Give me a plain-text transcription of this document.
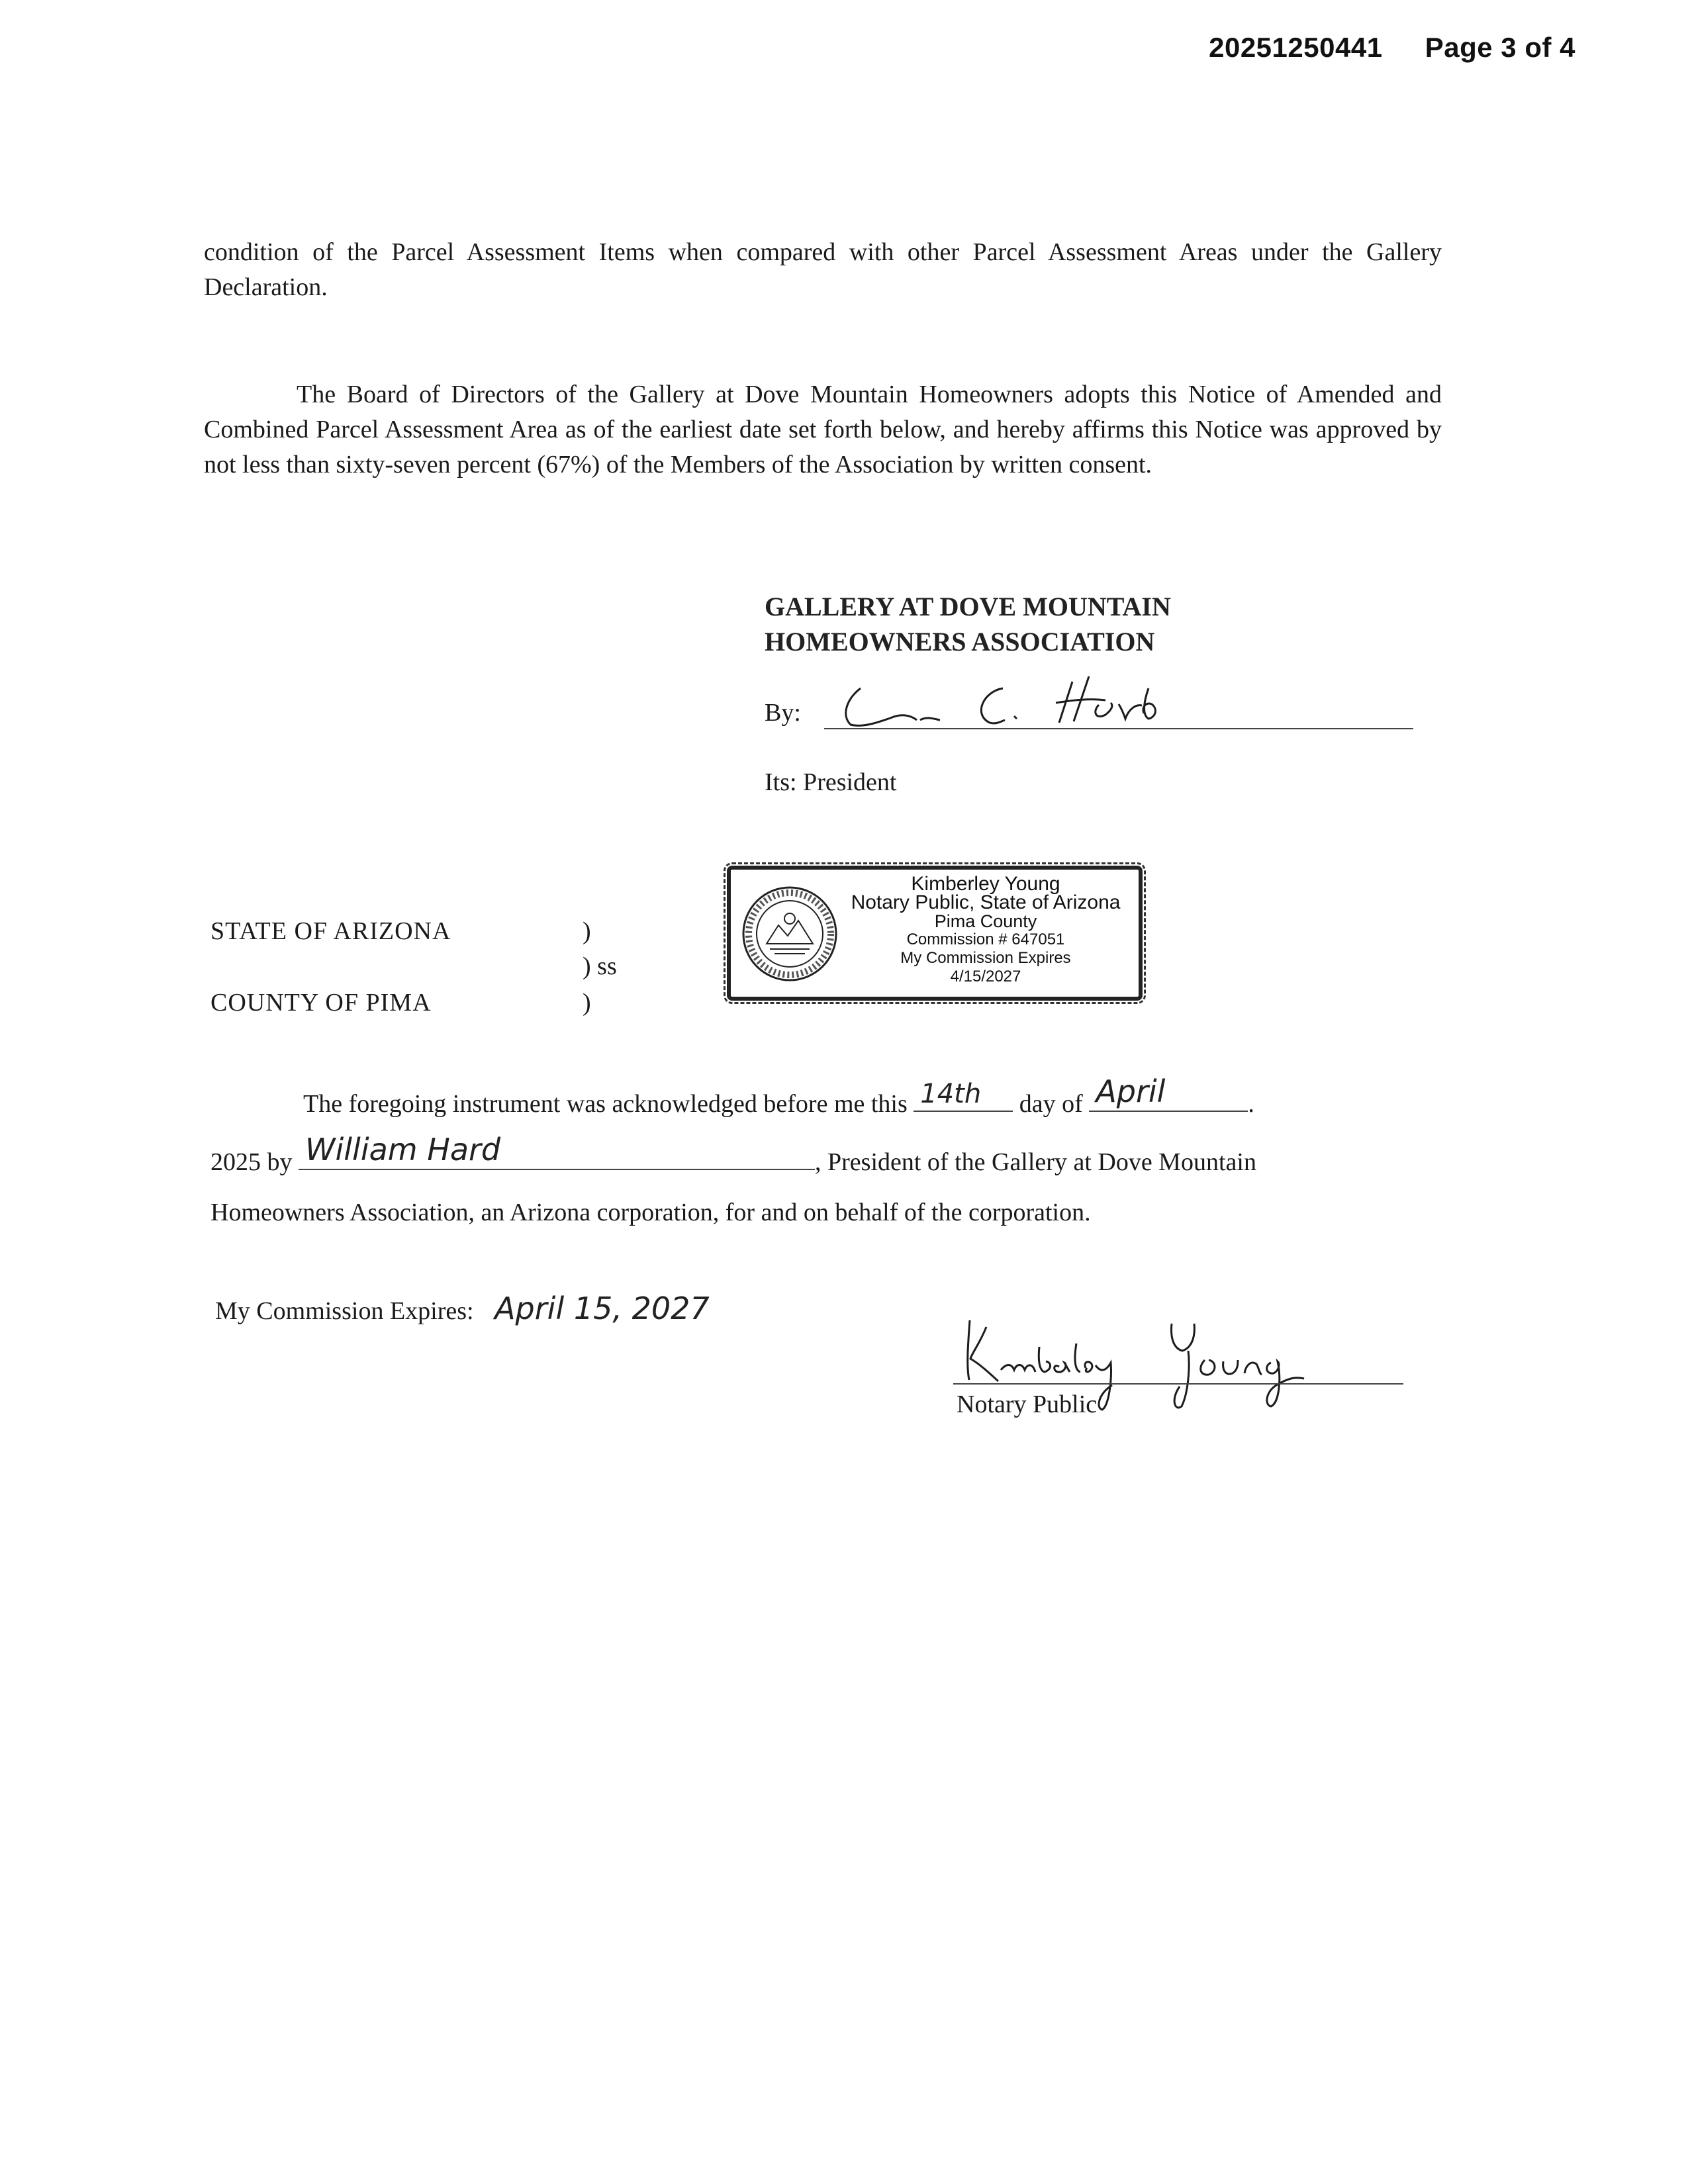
20251250441 Page 3 of 4
condition of the Parcel Assessment Items when compared with other Parcel Assessment Areas under the Gallery Declaration.
The Board of Directors of the Gallery at Dove Mountain Homeowners adopts this Notice of Amended and Combined Parcel Assessment Area as of the earliest date set forth below, and hereby affirms this Notice was approved by not less than sixty-seven percent (67%) of the Members of the Association by written consent.
GALLERY AT DOVE MOUNTAIN
HOMEOWNERS ASSOCIATION
By:
Its: President
STATE OF ARIZONA	)
) ss
COUNTY OF PIMA	)
Kimberley Young
Notary Public, State of Arizona
Pima County
Commission # 647051
My Commission Expires
4/15/2027
The foregoing instrument was acknowledged before me this 14th day of April	.
2025 by William Hard	, President of the Gallery at Dove Mountain
Homeowners Association, an Arizona corporation, for and on behalf of the corporation.
My Commission Expires: April 15, 2027
Notary Public
